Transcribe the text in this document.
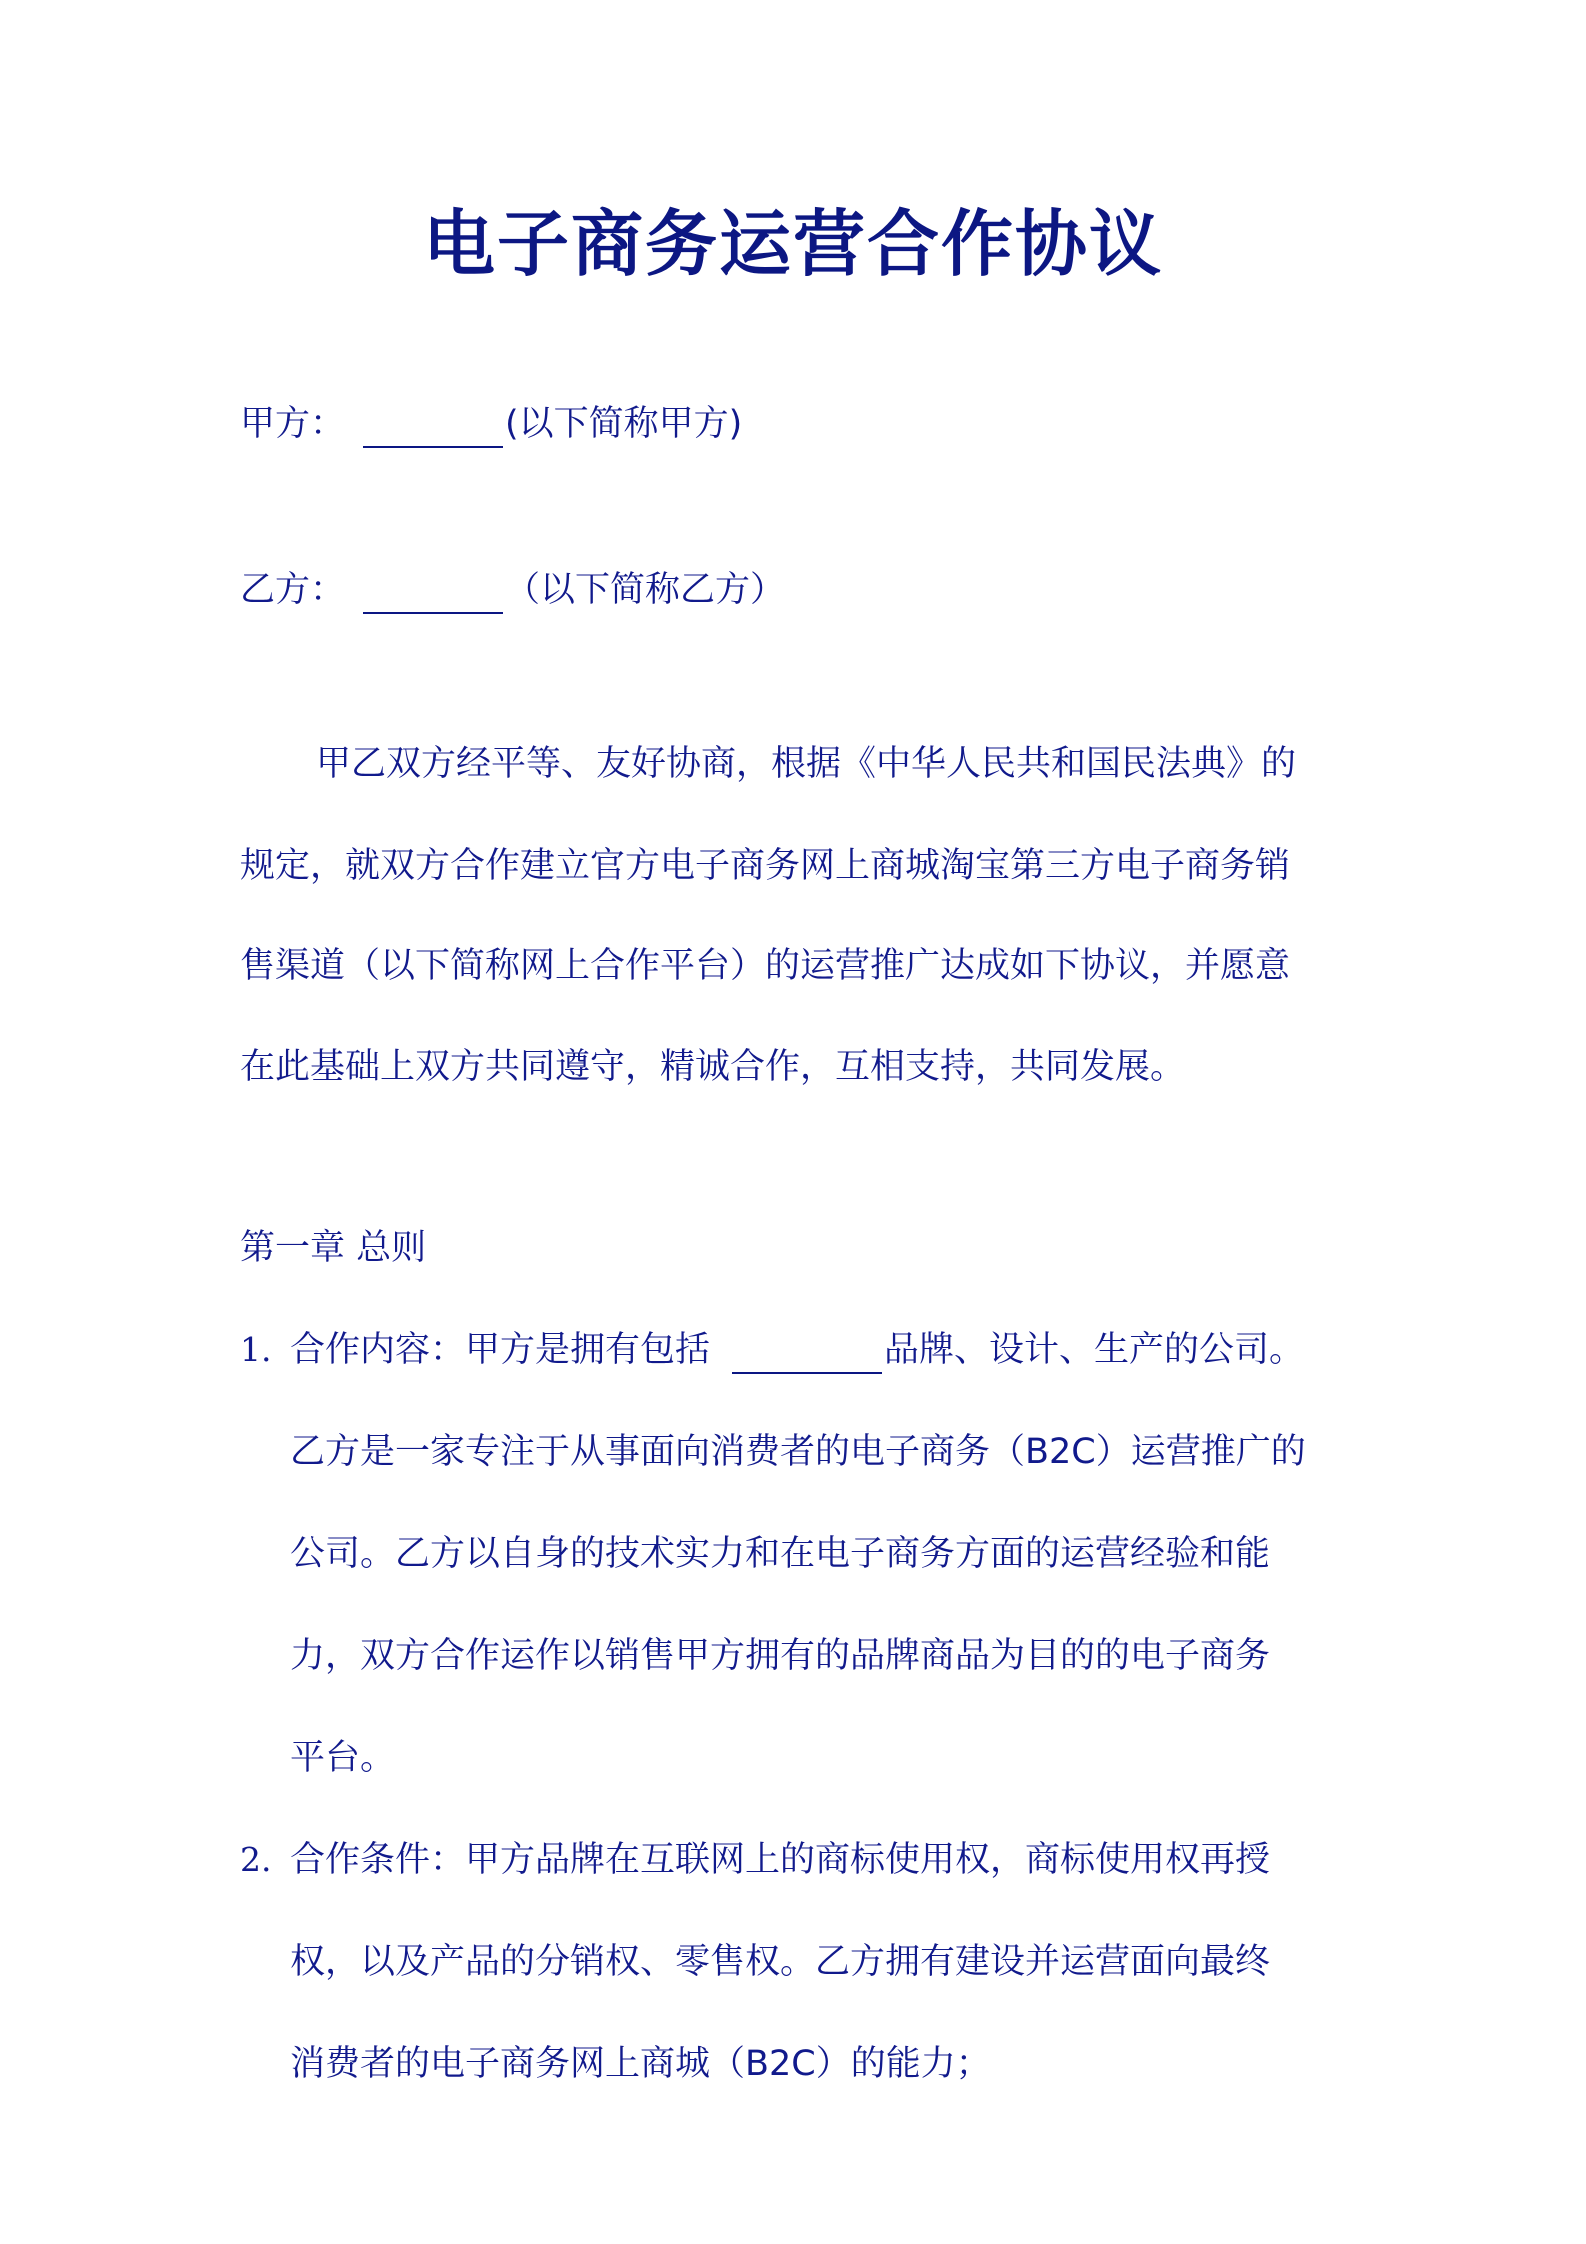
电子商务运营合作协议
甲方：	(以下简称甲方)
乙方：	（以下简称乙方）
甲乙双方经平等、友好协商，根据《中华人民共和国民法典》的
规定，就双方合作建立官方电子商务网上商城淘宝第三方电子商务销
售渠道（以下简称网上合作平台）的运营推广达成如下协议，并愿意
在此基础上双方共同遵守，精诚合作，互相支持，共同发展。
第一章 总则
1. 合作内容：甲方是拥有包括	品牌、设计、生产的公司。
乙方是一家专注于从事面向消费者的电子商务（B2C）运营推广的
公司。乙方以自身的技术实力和在电子商务方面的运营经验和能
力，双方合作运作以销售甲方拥有的品牌商品为目的的电子商务
平台。
2. 合作条件：甲方品牌在互联网上的商标使用权，商标使用权再授
权，以及产品的分销权、零售权。乙方拥有建设并运营面向最终
消费者的电子商务网上商城（B2C）的能力；
